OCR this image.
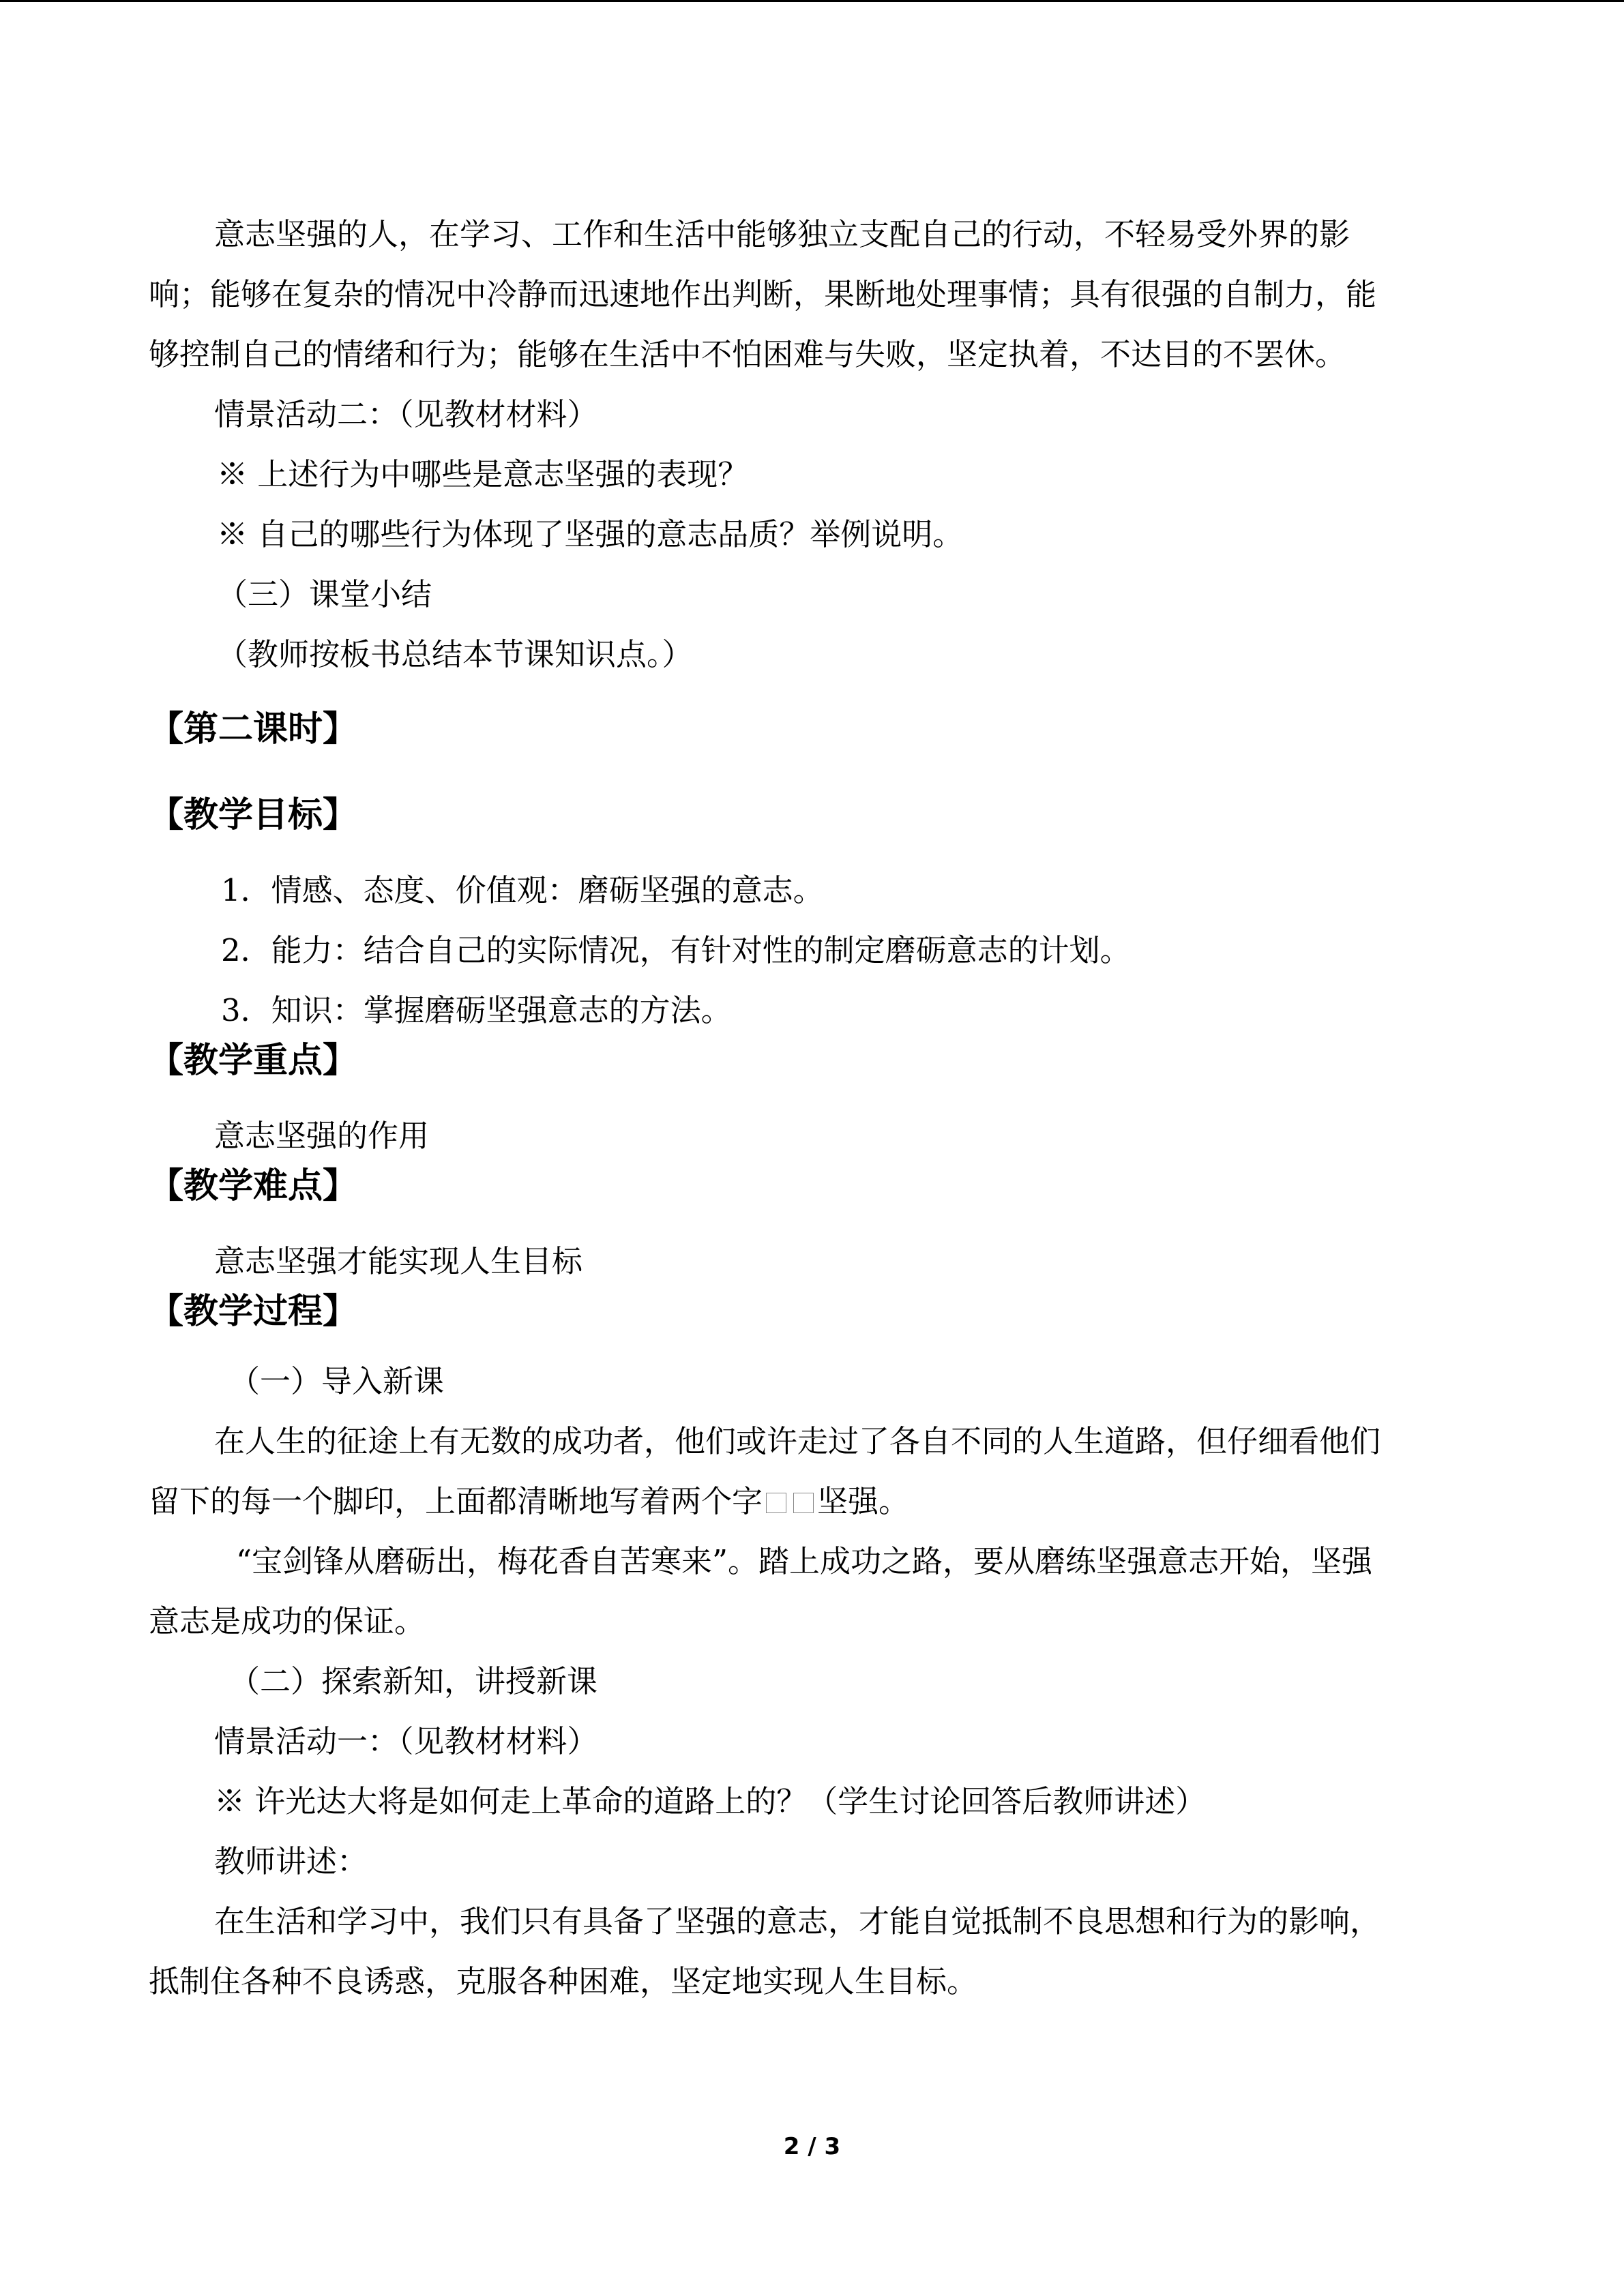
意志坚强的人，在学习、工作和生活中能够独立支配自己的行动，不轻易受外界的影

响；能够在复杂的情况中冷静而迅速地作出判断，果断地处理事情；具有很强的自制力，能

够控制自己的情绪和行为；能够在生活中不怕困难与失败，坚定执着，不达目的不罢休。

情景活动二：（见教材材料）

※ 上述行为中哪些是意志坚强的表现？

※ 自己的哪些行为体现了坚强的意志品质？举例说明。

（三）课堂小结

（教师按板书总结本节课知识点。）

【第二课时】
【教学目标】

1．情感、态度、价值观：磨砺坚强的意志。

2．能力：结合自己的实际情况，有针对性的制定磨砺意志的计划。

3．知识：掌握磨砺坚强意志的方法。

【教学重点】

意志坚强的作用

【教学难点】

意志坚强才能实现人生目标

【教学过程】

（一）导入新课

在人生的征途上有无数的成功者，他们或许走过了各自不同的人生道路，但仔细看他们

留下的每一个脚印，上面都清晰地写着两个字 坚强。

“宝剑锋从磨砺出，梅花香自苦寒来”。踏上成功之路，要从磨练坚强意志开始，坚强

意志是成功的保证。

（二）探索新知，讲授新课

情景活动一：（见教材材料）

※ 许光达大将是如何走上革命的道路上的？（学生讨论回答后教师讲述）

教师讲述：

在生活和学习中，我们只有具备了坚强的意志，才能自觉抵制不良思想和行为的影响，

抵制住各种不良诱惑，克服各种困难，坚定地实现人生目标。

2 / 3
